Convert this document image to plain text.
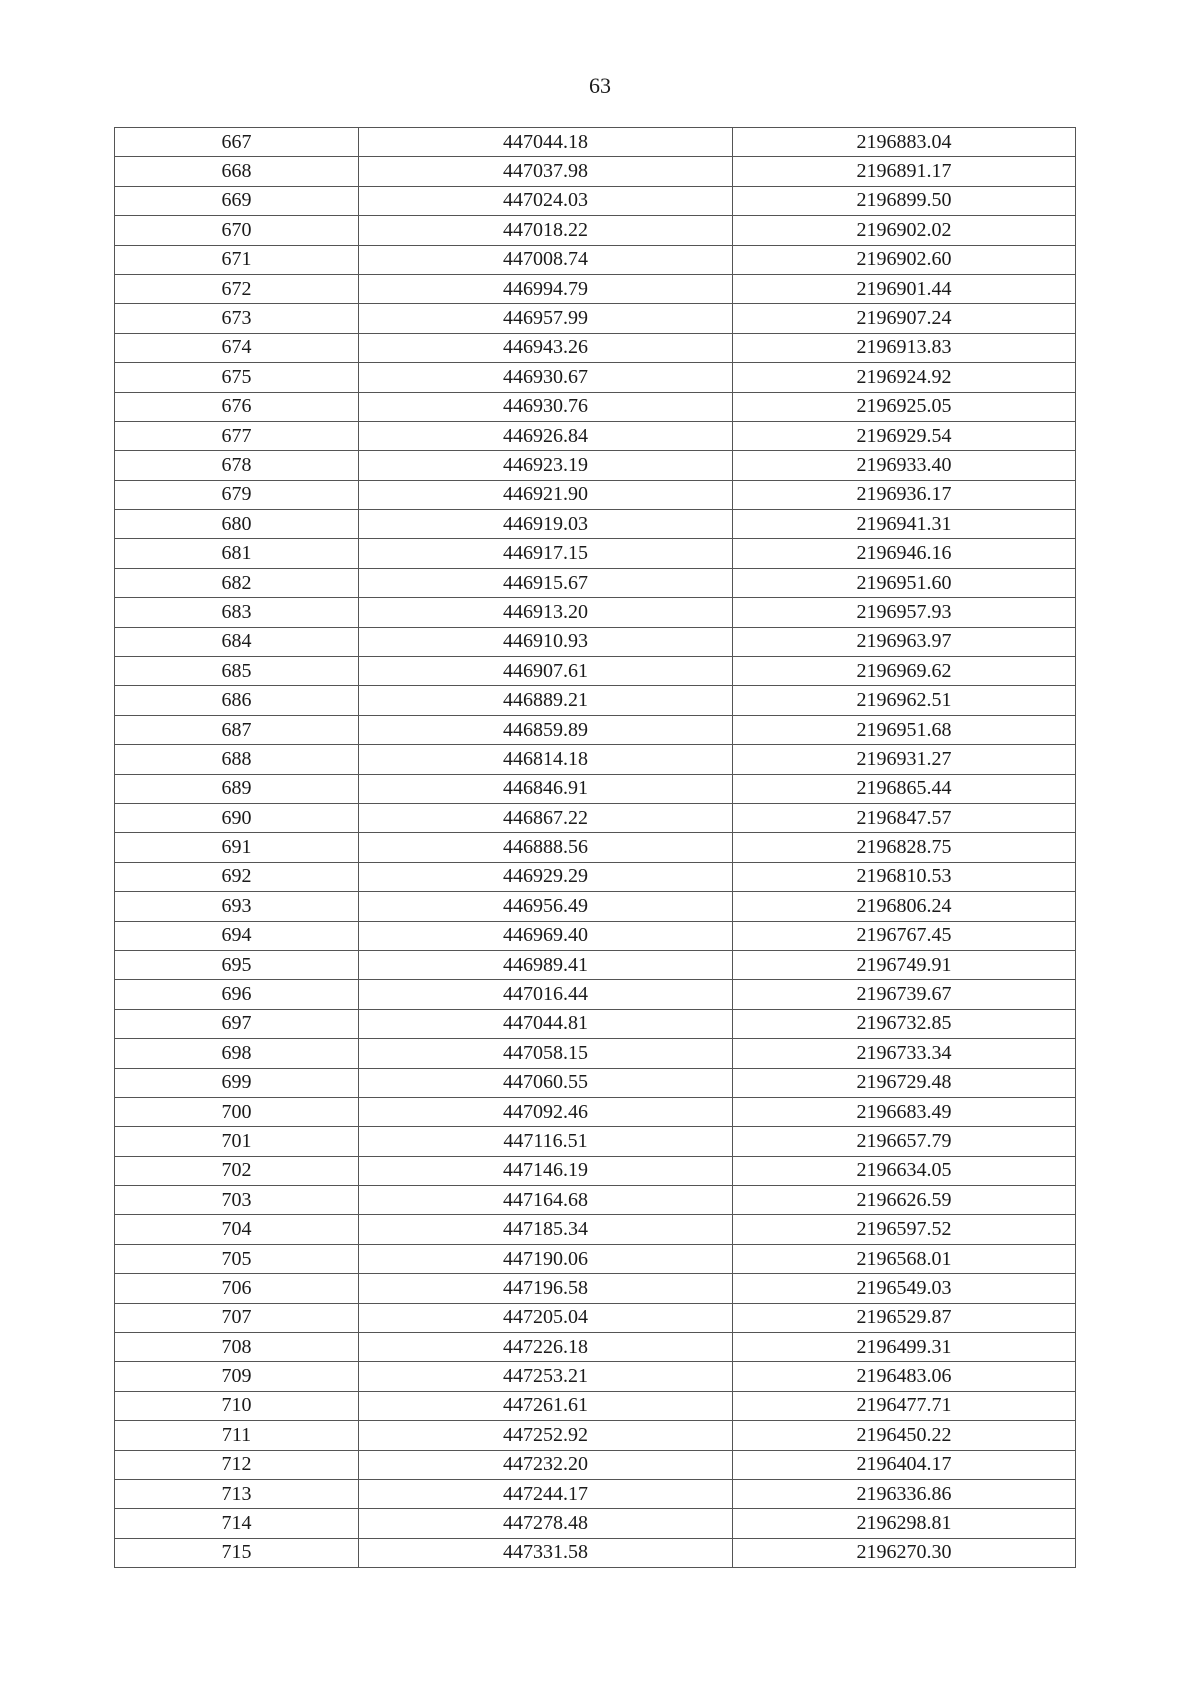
63
667	447044.18	2196883.04
668	447037.98	2196891.17
669	447024.03	2196899.50
670	447018.22	2196902.02
671	447008.74	2196902.60
672	446994.79	2196901.44
673	446957.99	2196907.24
674	446943.26	2196913.83
675	446930.67	2196924.92
676	446930.76	2196925.05
677	446926.84	2196929.54
678	446923.19	2196933.40
679	446921.90	2196936.17
680	446919.03	2196941.31
681	446917.15	2196946.16
682	446915.67	2196951.60
683	446913.20	2196957.93
684	446910.93	2196963.97
685	446907.61	2196969.62
686	446889.21	2196962.51
687	446859.89	2196951.68
688	446814.18	2196931.27
689	446846.91	2196865.44
690	446867.22	2196847.57
691	446888.56	2196828.75
692	446929.29	2196810.53
693	446956.49	2196806.24
694	446969.40	2196767.45
695	446989.41	2196749.91
696	447016.44	2196739.67
697	447044.81	2196732.85
698	447058.15	2196733.34
699	447060.55	2196729.48
700	447092.46	2196683.49
701	447116.51	2196657.79
702	447146.19	2196634.05
703	447164.68	2196626.59
704	447185.34	2196597.52
705	447190.06	2196568.01
706	447196.58	2196549.03
707	447205.04	2196529.87
708	447226.18	2196499.31
709	447253.21	2196483.06
710	447261.61	2196477.71
711	447252.92	2196450.22
712	447232.20	2196404.17
713	447244.17	2196336.86
714	447278.48	2196298.81
715	447331.58	2196270.30
